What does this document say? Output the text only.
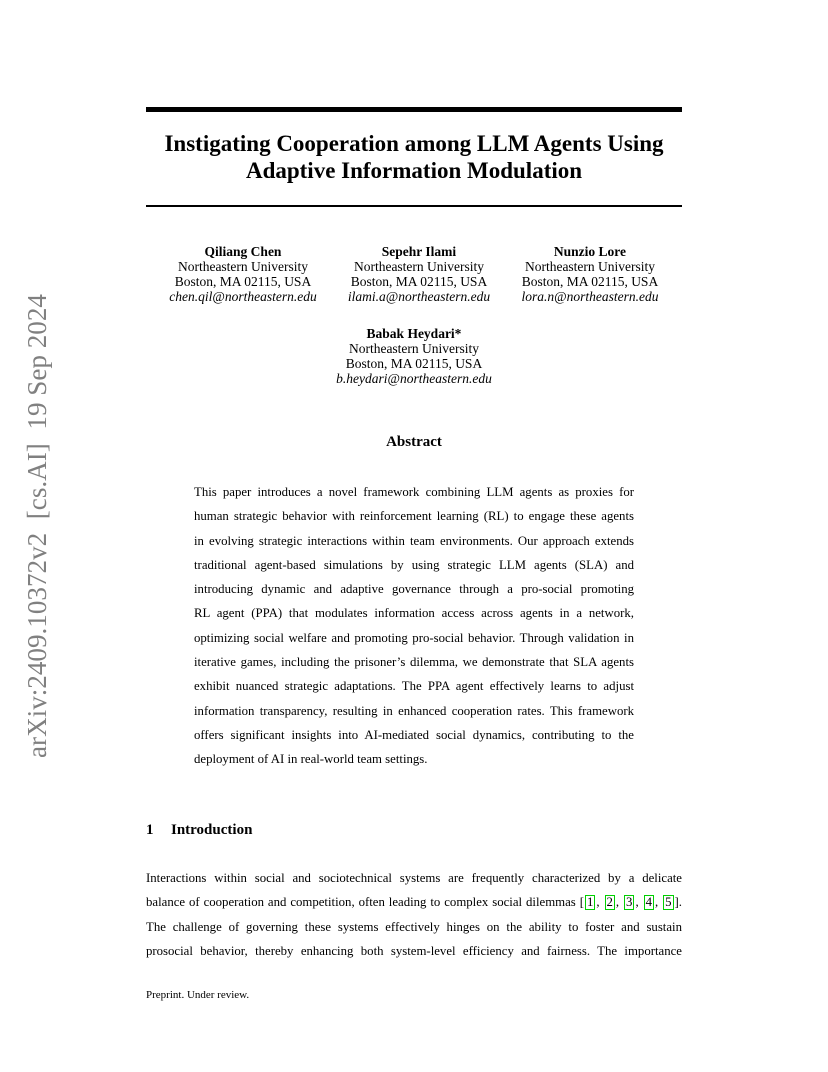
arXiv:2409.10372v2  [cs.AI]  19 Sep 2024
Instigating Cooperation among LLM Agents Using
Adaptive Information Modulation
Qiliang Chen
Northeastern University
Boston, MA 02115, USA
chen.qil@northeastern.edu
Sepehr Ilami
Northeastern University
Boston, MA 02115, USA
ilami.a@northeastern.edu
Nunzio Lore
Northeastern University
Boston, MA 02115, USA
lora.n@northeastern.edu
Babak Heydari*
Northeastern University
Boston, MA 02115, USA
b.heydari@northeastern.edu
Abstract
This paper introduces a novel framework combining LLM agents as proxies for
human strategic behavior with reinforcement learning (RL) to engage these agents
in evolving strategic interactions within team environments. Our approach extends
traditional agent-based simulations by using strategic LLM agents (SLA) and
introducing dynamic and adaptive governance through a pro-social promoting
RL agent (PPA) that modulates information access across agents in a network,
optimizing social welfare and promoting pro-social behavior. Through validation in
iterative games, including the prisoner’s dilemma, we demonstrate that SLA agents
exhibit nuanced strategic adaptations. The PPA agent effectively learns to adjust
information transparency, resulting in enhanced cooperation rates. This framework
offers significant insights into AI-mediated social dynamics, contributing to the
deployment of AI in real-world team settings.
1 Introduction
Interactions within social and sociotechnical systems are frequently characterized by a delicate
balance of cooperation and competition, often leading to complex social dilemmas [ 1 , 2 , 3 , 4 , 5 ].
The challenge of governing these systems effectively hinges on the ability to foster and sustain
prosocial behavior, thereby enhancing both system-level efficiency and fairness. The importance
Preprint. Under review.
